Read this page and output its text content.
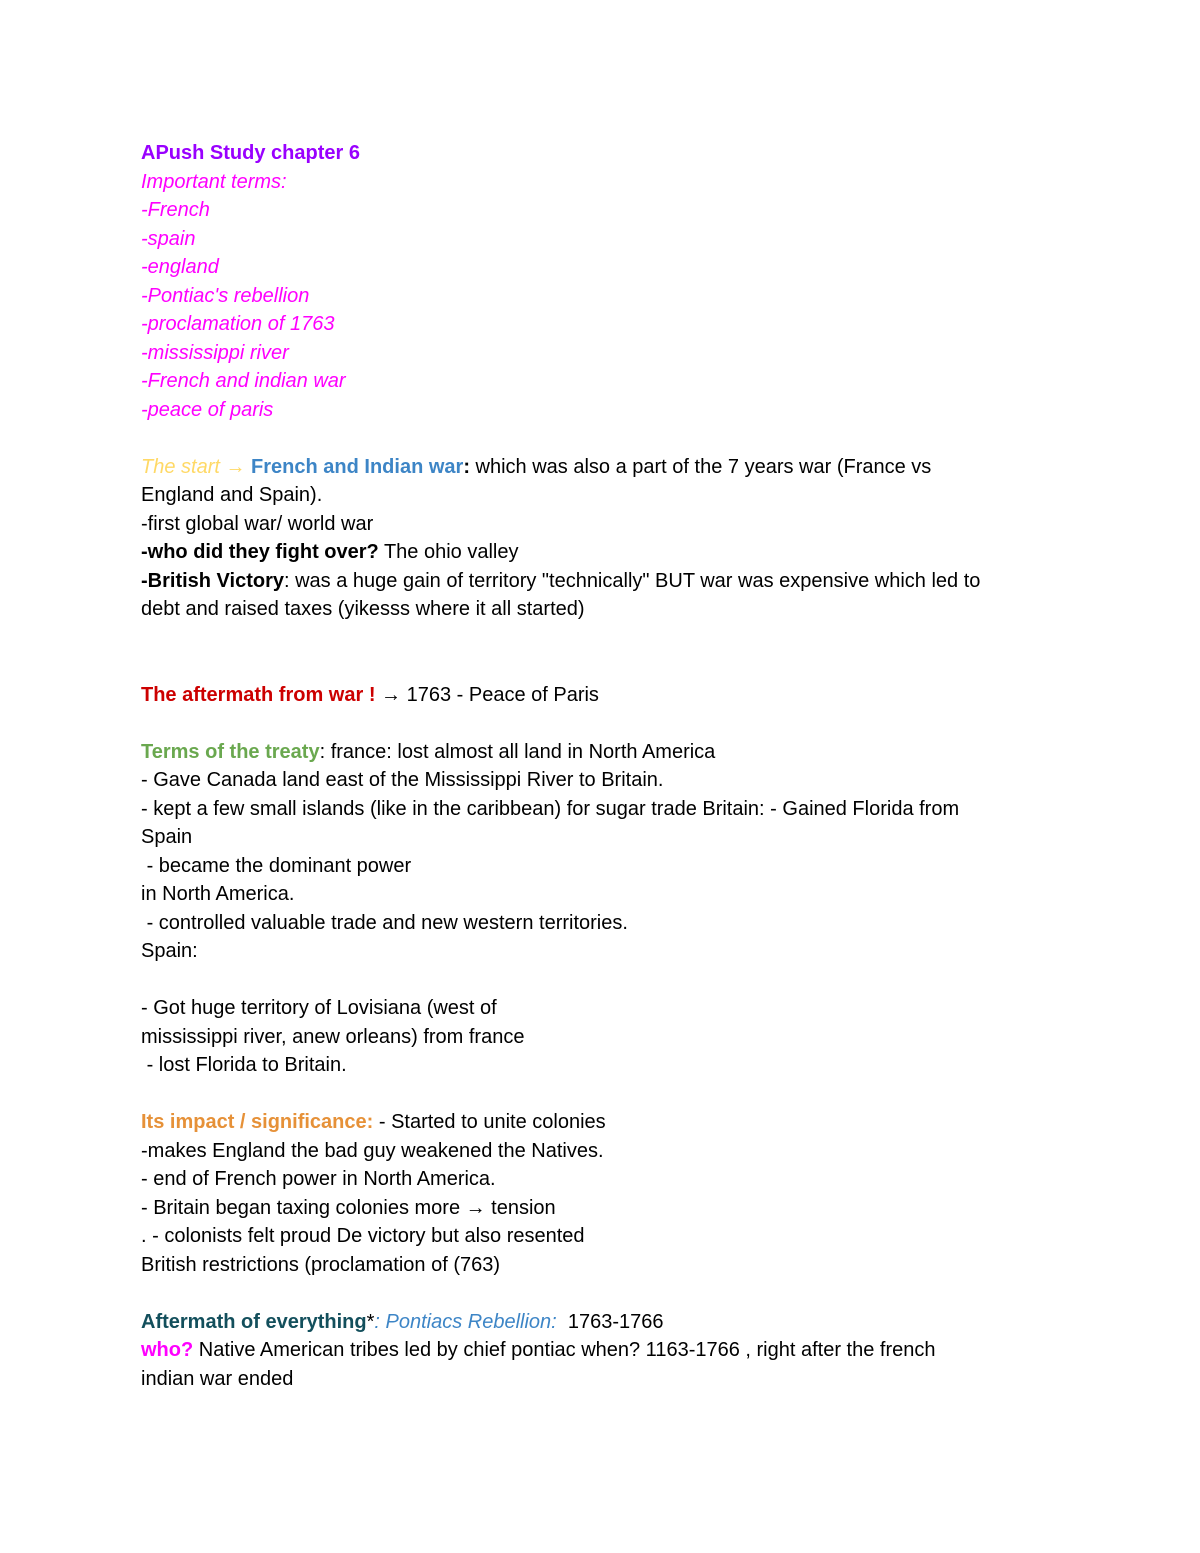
APush Study chapter 6
Important terms:
-French
-spain
-england
-Pontiac's rebellion
-proclamation of 1763
-mississippi river
-French and indian war
-peace of paris
The start → French and Indian war: which was also a part of the 7 years war (France vs
England and Spain).
-first global war/ world war
-who did they fight over? The ohio valley
-British Victory: was a huge gain of territory "technically" BUT war was expensive which led to
debt and raised taxes (yikesss where it all started)
The aftermath from war ! → 1763 - Peace of Paris
Terms of the treaty: france: lost almost all land in North America
- Gave Canada land east of the Mississippi River to Britain.
- kept a few small islands (like in the caribbean) for sugar trade Britain: - Gained Florida from
Spain
- became the dominant power
in North America.
- controlled valuable trade and new western territories.
Spain:
- Got huge territory of Lovisiana (west of
mississippi river, anew orleans) from france
- lost Florida to Britain.
Its impact / significance: - Started to unite colonies
-makes England the bad guy weakened the Natives.
- end of French power in North America.
- Britain began taxing colonies more → tension
. - colonists felt proud De victory but also resented
British restrictions (proclamation of (763)
Aftermath of everything*: Pontiacs Rebellion:  1763-1766
who? Native American tribes led by chief pontiac when? 1163-1766 , right after the french
indian war ended
